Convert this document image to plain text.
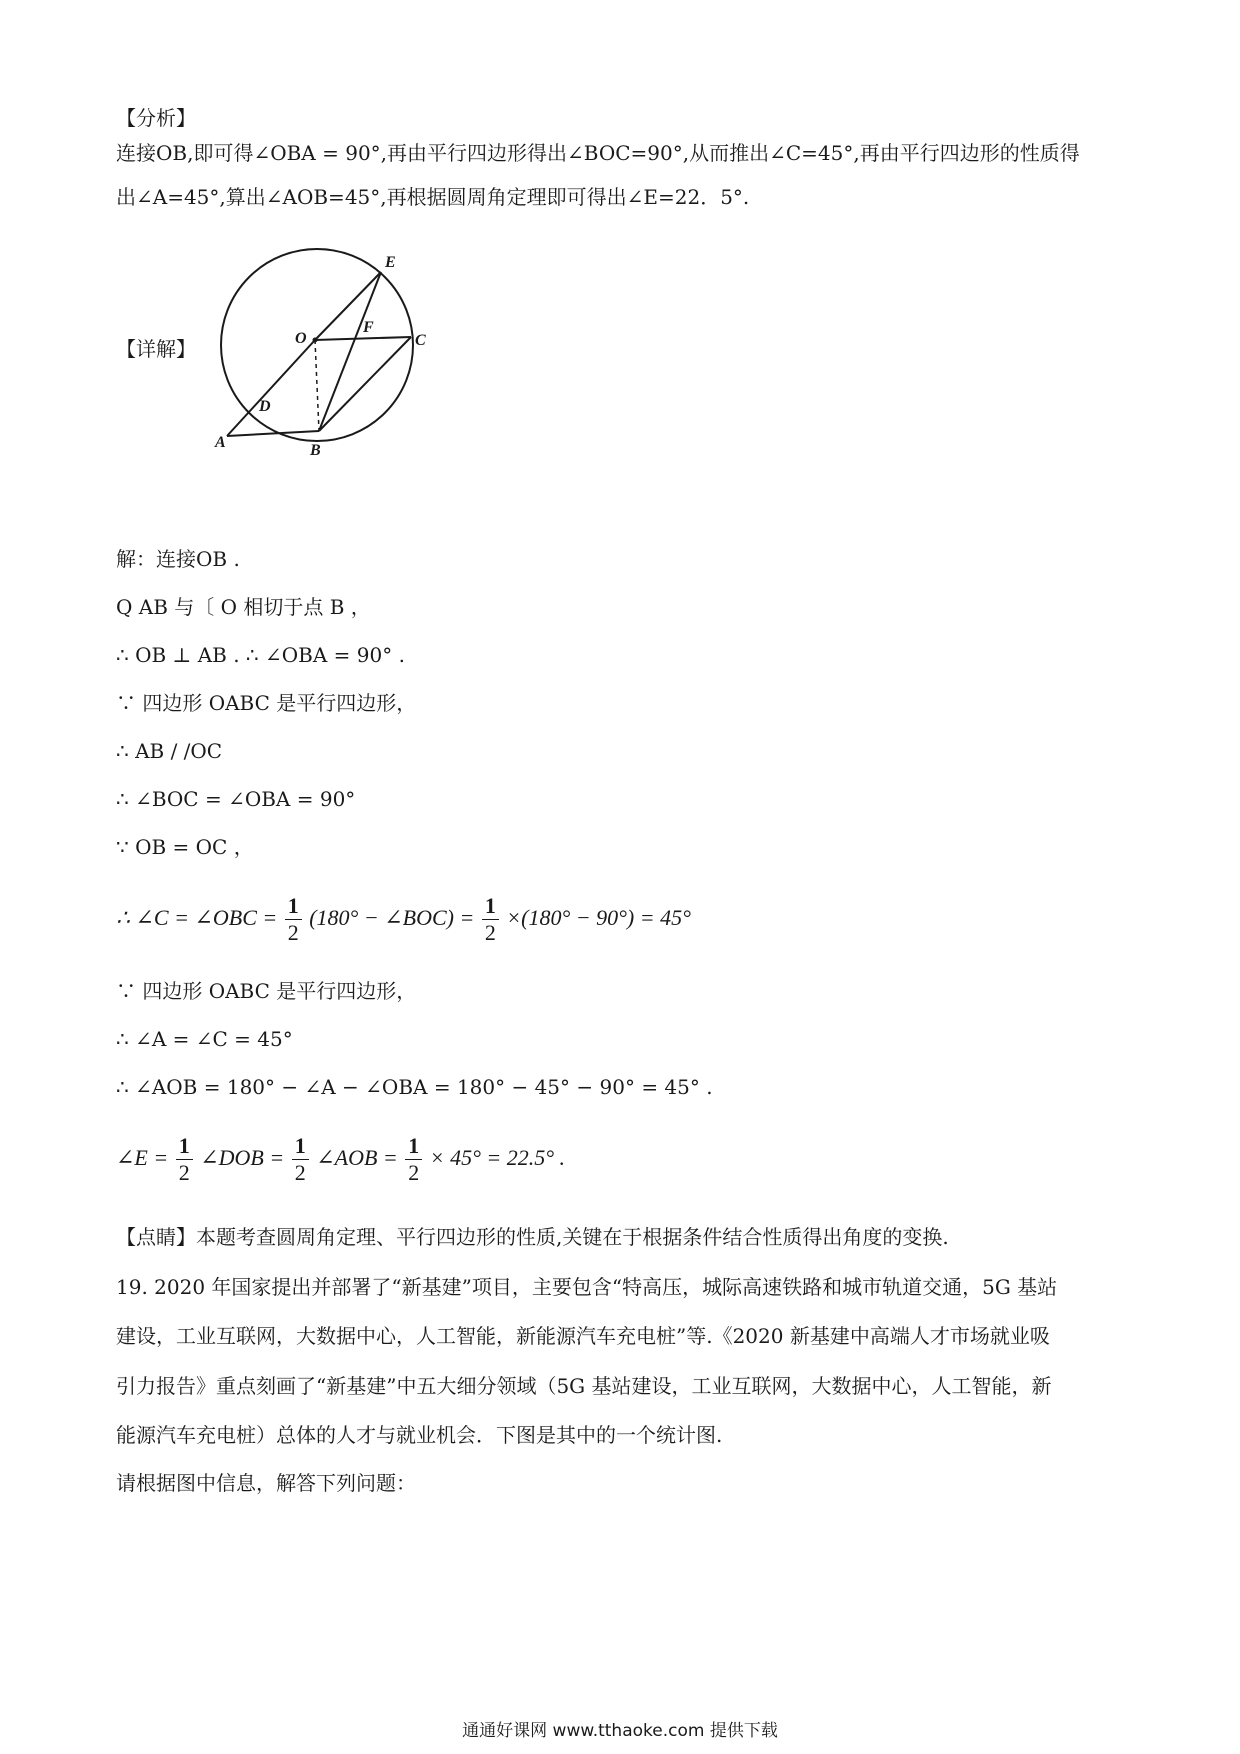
【分析】
连接OB,即可得∠OBA = 90°,再由平行四边形得出∠BOC=90°,从而推出∠C=45°,再由平行四边形的性质得
出∠A=45°,算出∠AOB=45°,再根据圆周角定理即可得出∠E=22．5°.
【详解】
E
O
F
C
D
A	B
解：连接OB .
Q AB 与〔 O 相切于点 B ，
∴ OB ⊥ AB . ∴ ∠OBA = 90° .
∵ 四边形 OABC 是平行四边形，
∴ AB / /OC
∴ ∠BOC = ∠OBA = 90°
∵ OB = OC ，
∴ ∠C = ∠OBC = $\frac{1}{2} (180^\circ$ − ∠BOC) = $\frac{1}{2} \times(180^\circ - 90^\circ) = 45^\circ$
∵ 四边形 OABC 是平行四边形，
∴ ∠A = ∠C = 45°
∴ ∠AOB = 180° − ∠A − ∠OBA = 180° − 45° − 90° = 45° .
∠E = $\frac{1}{2}$ ∠DOB = $\frac{1}{2}$ ∠AOB = $\frac{1}{2} \times 45^\circ = 22.5^\circ$ .
【点睛】本题考查圆周角定理、平行四边形的性质,关键在于根据条件结合性质得出角度的变换.
19. 2020 年国家提出并部署了“新基建”项目，主要包含“特高压，城际高速铁路和城市轨道交通，5G 基站
建设，工业互联网，大数据中心，人工智能，新能源汽车充电桩”等.《2020 新基建中高端人才市场就业吸
引力报告》重点刻画了“新基建”中五大细分领域（5G 基站建设，工业互联网，大数据中心，人工智能，新
能源汽车充电桩）总体的人才与就业机会．下图是其中的一个统计图.
请根据图中信息，解答下列问题：
通通好课网 www.tthaoke.com 提供下载
